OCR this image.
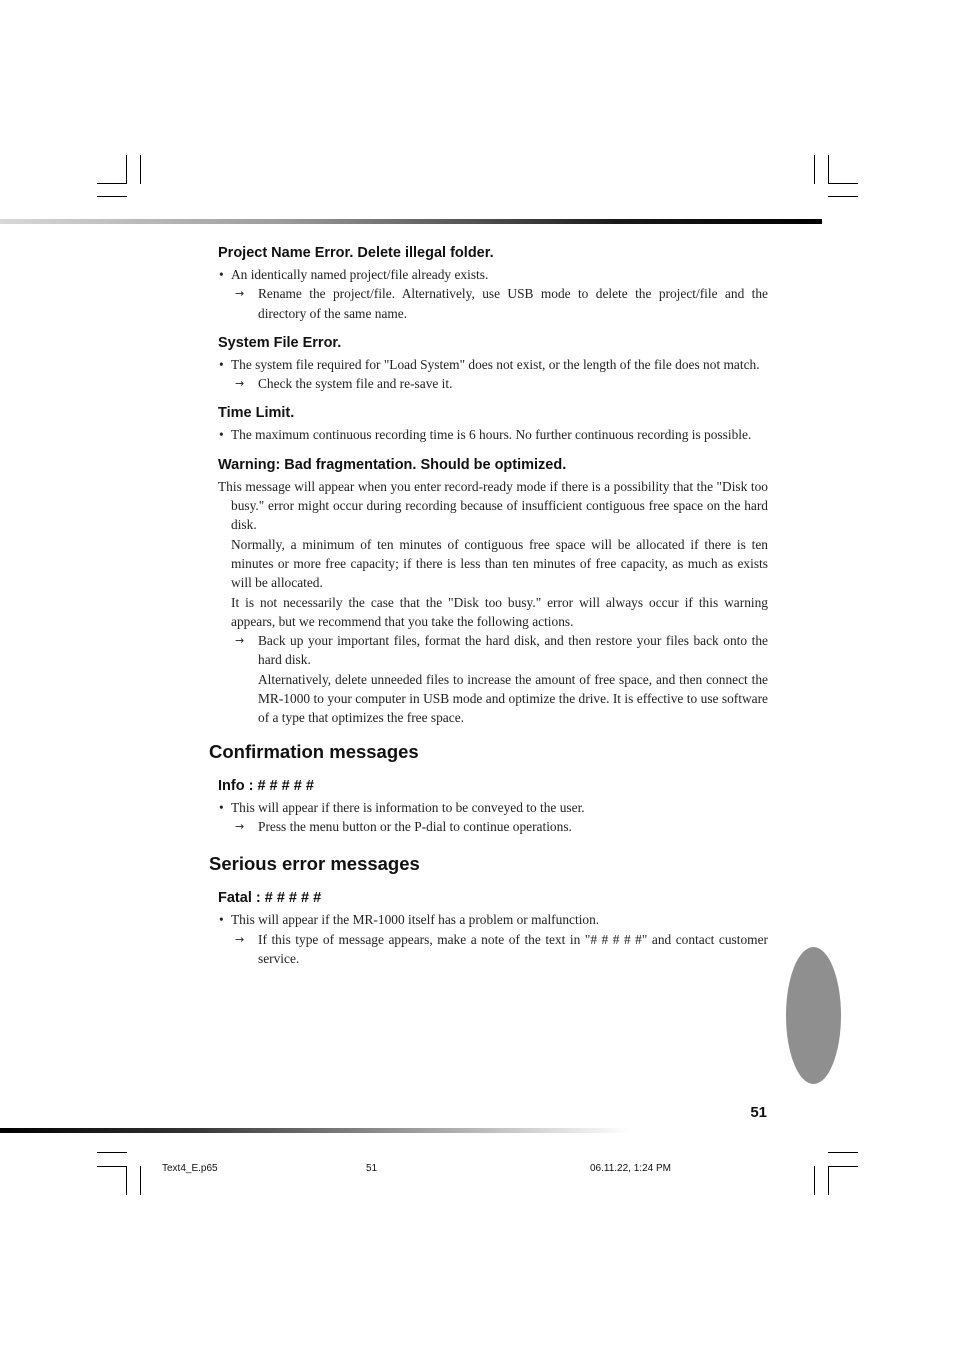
Project Name Error. Delete illegal folder.

• An identically named project/file already exists.

→ Rename the project/file. Alternatively, use USB mode to delete the project/file and the directory of the same name.

System File Error.

• The system file required for "Load System" does not exist, or the length of the file does not match.

→ Check the system file and re-save it.

Time Limit.

• The maximum continuous recording time is 6 hours. No further continuous recording is possible.

Warning: Bad fragmentation. Should be optimized.

This message will appear when you enter record-ready mode if there is a possibility that the "Disk too busy." error might occur during recording because of insufficient contiguous free space on the hard disk.

Normally, a minimum of ten minutes of contiguous free space will be allocated if there is ten minutes or more free capacity; if there is less than ten minutes of free capacity, as much as exists will be allocated.

It is not necessarily the case that the "Disk too busy." error will always occur if this warning appears, but we recommend that you take the following actions.

→ Back up your important files, format the hard disk, and then restore your files back onto the hard disk.

Alternatively, delete unneeded files to increase the amount of free space, and then connect the MR-1000 to your computer in USB mode and optimize the drive. It is effective to use software of a type that optimizes the free space.

Confirmation messages
Info : # # # # #

• This will appear if there is information to be conveyed to the user.

→ Press the menu button or the P-dial to continue operations.

Serious error messages
Fatal : # # # # #

• This will appear if the MR-1000 itself has a problem or malfunction.

→ If this type of message appears, make a note of the text in "# # # # #" and contact customer service.

51
Text4_E.p65	51	06.11.22, 1:24 PM
